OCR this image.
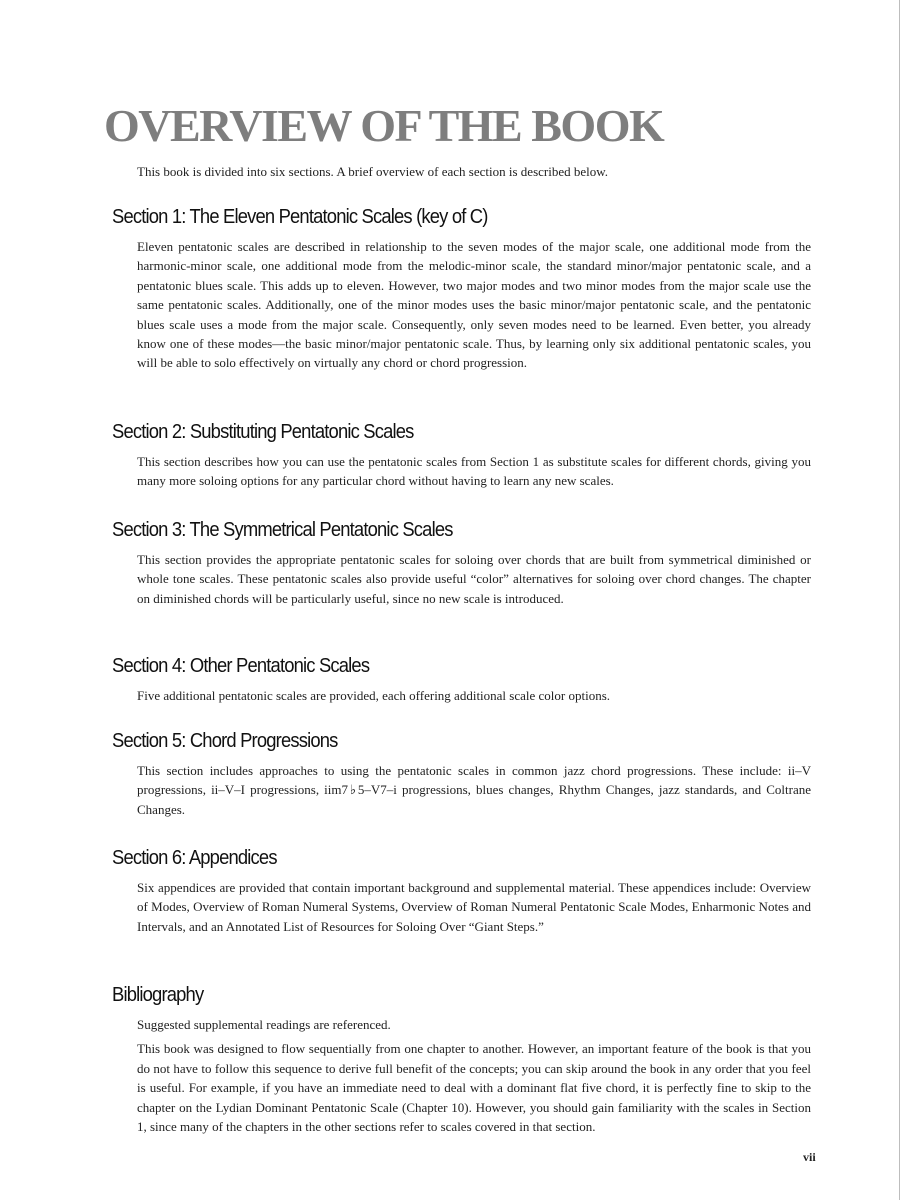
OVERVIEW OF THE BOOK

This book is divided into six sections. A brief overview of each section is described below.

Section 1: The Eleven Pentatonic Scales (key of C)

Eleven pentatonic scales are described in relationship to the seven modes of the major scale, one additional mode from the harmonic-minor scale, one additional mode from the melodic-minor scale, the standard minor/major pentatonic scale, and a pentatonic blues scale. This adds up to eleven. However, two major modes and two minor modes from the major scale use the same pentatonic scales. Additionally, one of the minor modes uses the basic minor/major pentatonic scale, and the pentatonic blues scale uses a mode from the major scale. Consequently, only seven modes need to be learned. Even better, you already know one of these modes—the basic minor/major pentatonic scale. Thus, by learning only six additional pentatonic scales, you will be able to solo effectively on virtually any chord or chord progression.

Section 2: Substituting Pentatonic Scales

This section describes how you can use the pentatonic scales from Section 1 as substitute scales for different chords, giving you many more soloing options for any particular chord without having to learn any new scales.

Section 3: The Symmetrical Pentatonic Scales

This section provides the appropriate pentatonic scales for soloing over chords that are built from symmetrical diminished or whole tone scales. These pentatonic scales also provide useful “color” alternatives for soloing over chord changes. The chapter on diminished chords will be particularly useful, since no new scale is introduced.

Section 4: Other Pentatonic Scales

Five additional pentatonic scales are provided, each offering additional scale color options.

Section 5: Chord Progressions

This section includes approaches to using the pentatonic scales in common jazz chord progressions. These include: ii–V progressions, ii–V–I progressions, iim7♭5–V7–i progressions, blues changes, Rhythm Changes, jazz standards, and Coltrane Changes.

Section 6: Appendices

Six appendices are provided that contain important background and supplemental material. These appendices include: Overview of Modes, Overview of Roman Numeral Systems, Overview of Roman Numeral Pentatonic Scale Modes, Enharmonic Notes and Intervals, and an Annotated List of Resources for Soloing Over “Giant Steps.”

Bibliography

Suggested supplemental readings are referenced.

This book was designed to flow sequentially from one chapter to another. However, an important feature of the book is that you do not have to follow this sequence to derive full benefit of the concepts; you can skip around the book in any order that you feel is useful. For example, if you have an immediate need to deal with a dominant flat five chord, it is perfectly fine to skip to the chapter on the Lydian Dominant Pentatonic Scale (Chapter 10). However, you should gain familiarity with the scales in Section 1, since many of the chapters in the other sections refer to scales covered in that section.

vii
